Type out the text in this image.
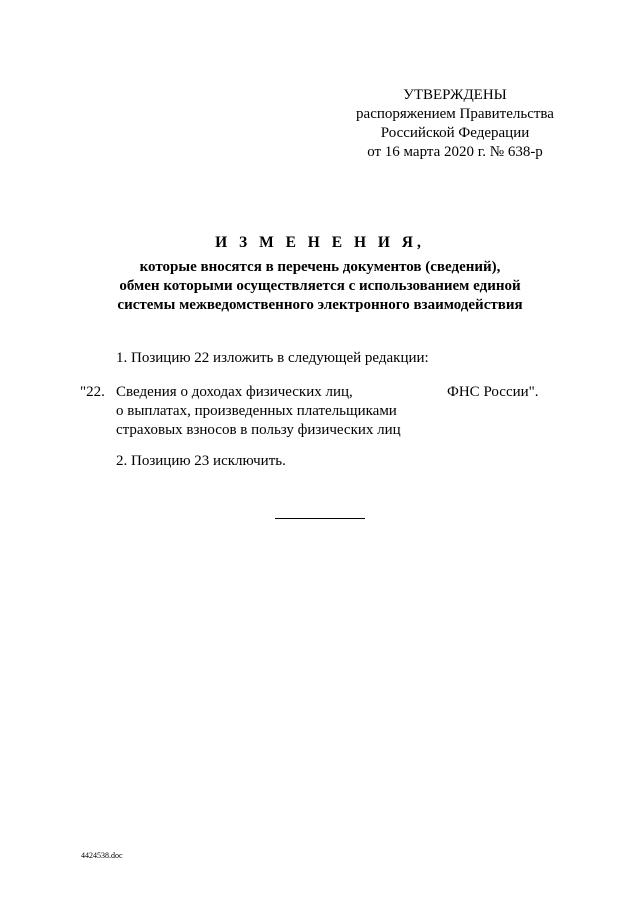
УТВЕРЖДЕНЫ
распоряжением Правительства
Российской Федерации
от 16 марта 2020 г. № 638-р
И З М Е Н Е Н И Я,
которые вносятся в перечень документов (сведений),
обмен которыми осуществляется с использованием единой
системы межведомственного электронного взаимодействия
1. Позицию 22 изложить в следующей редакции:
"22. Сведения о доходах физических лиц,
о выплатах, произведенных плательщиками
страховых взносов в пользу физических лиц
ФНС России".
2. Позицию 23 исключить.
4424538.doc
